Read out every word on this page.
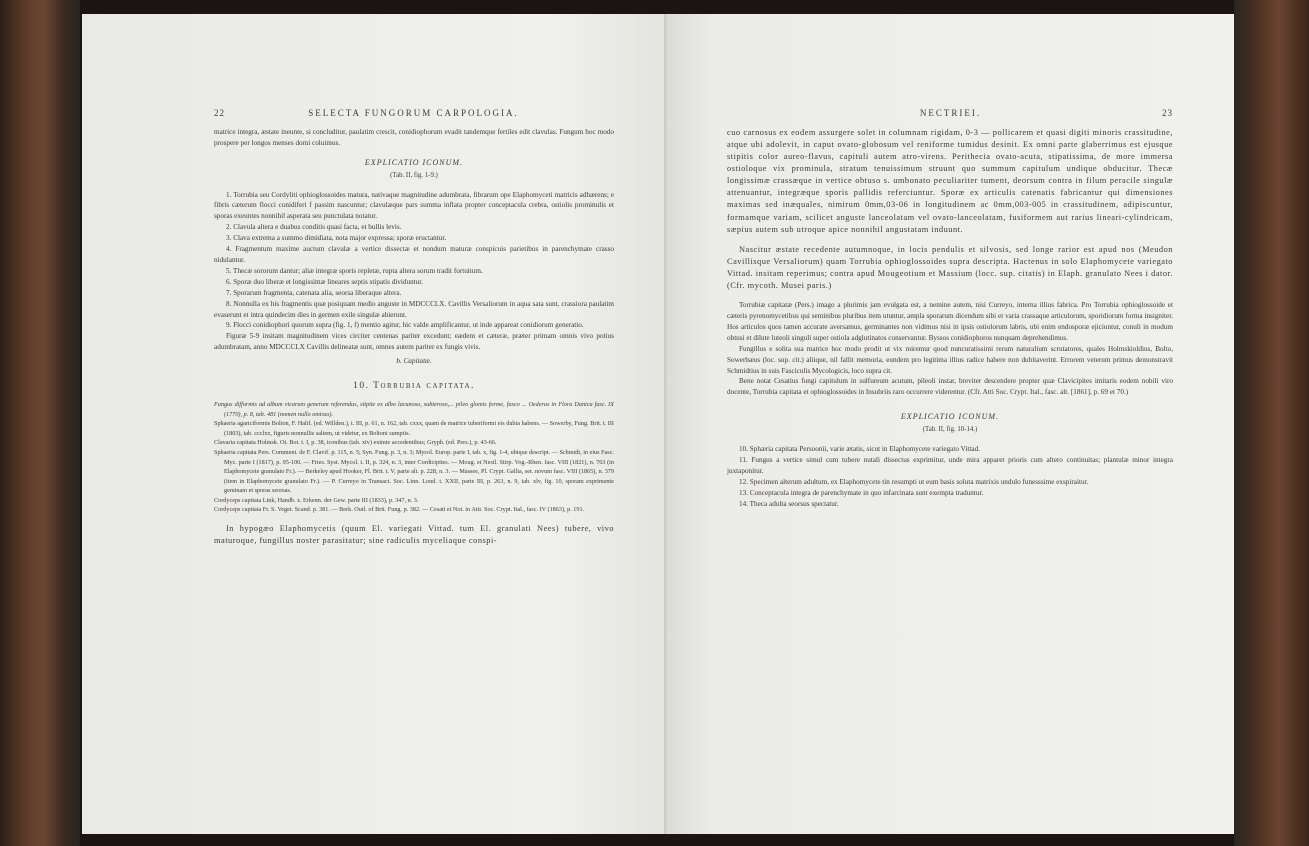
22	SELECTA FUNGORUM CARPOLOGIA.

matrice integra, æstate ineunte, si concluditur, paulatim crescit, conidiophorum evadit tandemque fertiles edit clavulas. Fungum hoc modo prospere per longos menses domi coluimus.

EXPLICATIO ICONUM.
(Tab. II, fig. 1-9.)

1. Torrubia seu Cordyliti ophioglossoides matura, nativaque magnitudine adumbrata, fibrarum ope Elaphomyceti matricis adhærens; e fibris cæterum flocci conidiferi f passim nascuntur; clavulæque pars summa inflata propter conceptacula crebra, ostiolis prominulis et sporas exeuntes nonnihil asperata seu punctulata notatur.

2. Clavula altera e duabus conditis quasi facta, et bullis levis.

3. Clava extrema a summo dimidiata, nota major expressa; sporæ eructantur.

4. Fragmentum maxime auctum clavulæ a vertice dissectæ et nondum maturæ conspicuis parietibus in parenchymate crasso nidulantur.

5. Thecæ sororum dantur; aliæ integræ sporis repletæ, rupta altera sorum tradit fortuitum.

6. Sporæ duo liberæ et longissimæ lineares septis stipatis dividuntur.

7. Sporarum fragmenta, catenata alia, seorsa liberaque altera.

8. Nonnulla ex his fragmentis quæ posiquam medio anguste in MDCCCLX. Cavillis Versaliorum in aqua sata sunt, crassiora paulatim evaserunt et intra quindecim dies in germen exile singulæ abierunt.

9. Flocci conidiophori quorum supra (fig. 1, f) mentio agitur, hic valde amplificantur, ut inde appareat conidiorum generatio.

Figuræ 5-9 insitam magnitudinem vices circiter centenas pariter excedunt; eædem et cæteræ, præter primam omnis vivo potius adumbratam, anno MDCCCLX Cavillis delineatæ sunt, omnes autem pariter ex fungis vivis.

b. Capitatæ.
10. Torrubia capitata.

Fungus difformis ad album vicarum generum referendus, stipite ex albo lacunoso, subteroso,... pileo glomis forme, fusco ... Oederus in Flora Danica fasc. IX (1770), p. 8, tab. 481 (nomen nullo omisso).

Sphaeria agariciformis Bolton, F. Halif. (ed. Willden.), t. III, p. 61, n. 162, tab. cxxx, quam de matrice tuberiformi eis dubia habens. — Sowerby, Fung. Brit. t. III (1803), tab. ccclxx, figuris nonnullis saltem, ut videtur, ex Boltoni sumptis.

Clavaria capitata Holmsk. Ot. Bot. t. I, p. 38, iconibus (tab. xiv) eximie accedentibus; Gryph. (ed. Pers.), p. 43-66.

Sphaeria capitata Pers. Comment. de F. Clavif. p. 115, n. 5; Syn. Fung. p. 3, n. 3; Mycol. Europ. parte I, tab. x, fig. 1-4, ubique descript. — Schmidt, in eius Fasc. Myc. parte I (1817), p. 95-100. — Fries. Syst. Mycol. t. II, p. 324, n. 3, inter Cordicipites. — Moug. et Nestl. Stirp. Vog.-Rhen. fasc. VIII (1821), n. 763 (in Elaphomycete granulato Fr.). — Berkeley apud Hooker, Fl. Brit. t. V, parte alt. p. 228, n. 3. — Massee, Pl. Crypt. Gallia, ser. novum fasc. VIII (1865), n. 379 (item in Elaphomycete granulato Fr.). — P. Curreyo in Transact. Soc. Linn. Lond. t. XXII, parte III, p. 263, n. 9, tab. xlv, fig. 10, sporam exprimente geminam et sporas seorsas.

Cordyceps capitata Link, Handb. z. Erkenn. der Gew. parte III (1833), p. 347, n. 3.

Cordyceps capitata Fr. S. Veget. Scand. p. 381. — Berk. Outl. of Brit. Fung. p. 382. — Cesati et Not. in Atti. Soc. Crypt. Ital., fasc. IV (1863), p. 191.

In hypogæo Elaphomycetis (quum El. variegati Vittad. tum El. granulati Nees) tubere, vivo maturoque, fungillus noster parasitatur; sine radiculis myceliaque conspi-

NECTRIEI.	23

cuo carnosus ex eodem assurgere solet in columnam rigidam, 0-3 — pollicarem et quasi digiti minoris crassitudine, atque ubi adolevit, in caput ovato-globosum vel reniforme tumidus desinit. Ex omni parte glaberrimus est ejusque stipitis color aureo-flavus, capituli autem atro-virens. Perithecia ovato-acuta, stipatissima, de more immersa ostioloque vix prominula, stratum tenuissimum struunt quo summum capitulum undique obducitur. Thecæ longissimæ crassæque in vertice obtuso s. umbonato peculiariter tument, deorsum contra in filum peracile singulæ attenuantur, integræque sporis pallidis referciuntur. Sporæ ex articulis catenatis fabricantur qui dimensiones maximas sed inæquales, nimirum 0mm,03-06 in longitudinem ac 0mm,003-005 in crassitudinem, adipiscuntur, formamque variam, scilicet anguste lanceolatam vel ovato-lanceolatam, fusiformem aut rarius lineari-cylindricam, sæpius autem sub utroque apice nonnihil angustatam induunt.

Nascitur æstate recedente autumnoque, in locis pendulis et silvosis, sed longe rarior est apud nos (Meudon Cavillisque Versaliorum) quam Torrubia ophioglossoides supra descripta. Hactenus in solo Elaphomycete variegato Vittad. insitam reperimus; contra apud Mougeotium et Massium (locc. sup. citatis) in Elaph. granulato Nees i dator. (Cfr. mycoth. Musei paris.)

Torrubiæ capitatæ (Pers.) imago a plurimis jam evulgata est, a nemine autem, nisi Curreyo, interna illius fabrica. Pro Torrubia ophioglossoide et cæteris pyrenomycetibus qui seminibus pluribus item utuntur, ampla sporarum dicendum sibi et varia crassaque articulorum, sporidiorum forma insigniter. Hos articulos quos tamen accurate aversamus, germinantes non vidimus nisi in ipsis ostiolorum labris, ubi enim endosporæ ejiciuntur, conuli in modum obtusi et dilute luteoli singuli super ostiola adglutinatos conservantur. Byssos conidiophoros nunquam deprehendimus.

Fungillus e solita sua matrice hoc modo prodit ut vix miremur quod nuncuratissimi rerum naturalium scrutatores, quales Holmskioldius, Bolto, Sowerbæus (loc. sup. cit.) aliique, nil fallit memoria, eundem pro legitima illius radice habere non dubitaverint. Errorem veterum primus demonstravit Schmidtius in suis Fasciculis Mycologicis, loco supra cit.

Bene notat Cesatius fungi capitulum in sulfureum acutum, pileoli instar, breviter descendere propter quæ Clavicipites imitaris eodem nobili viro docente, Torrubia capitata et ophioglossoides in Insubriis raro occurrere viderentur. (Cfr. Atti Soc. Crypt. Ital., fasc. alt. [1861], p. 69 et 70.)

EXPLICATIO ICONUM.
(Tab. II, fig. 10-14.)

10. Sphæria capitata Persoonii, varie ætatis, sicut in Elaphomycete variegato Vittad.

11. Fungus a vertice simul cum tubere nutali dissectus exprimitur, unde mira apparet prioris cum altero continuitas; plantulæ minor integra juxtaponitur.

12. Specimen alterum adultum, ex Elaphomycete tin resumpti ut eum basis soluta matrixis undulo funesssime exspiraitur.

13. Conceptacula integra de parenchymate in quo infarcinata sunt exempta traduntur.

14. Theca adulta seorsus spectatur.
